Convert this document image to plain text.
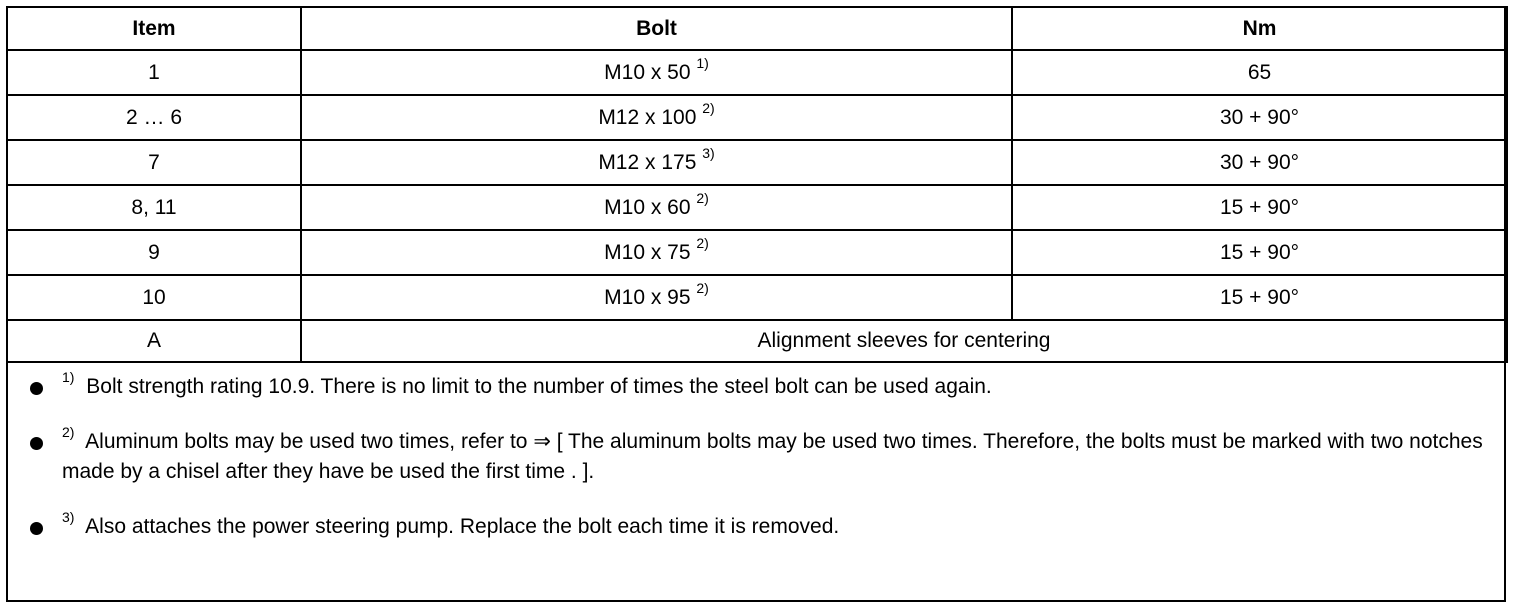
Item	Bolt	Nm
1	M10 x 50 $^{1)}$	65
2 … 6	M12 x 100 $^{2)}$	30 + 90°
7	M12 x 175 $^{3)}$	30 + 90°
8, 11	M10 x 60 $^{2)}$	15 + 90°
9	M10 x 75 $^{2)}$	15 + 90°
10	M10 x 95 $^{2)}$	15 + 90°
A	Alignment sleeves for centering	
$^{1)}$ Bolt strength rating 10.9. There is no limit to the number of times the steel bolt can be used again.
$^{2)}$ Aluminum bolts may be used two times, refer to ⇒ [ The aluminum bolts may be used two times. Therefore, the bolts must be marked with two notches made by a chisel after they have be used the first time . ].
$^{3)}$ Also attaches the power steering pump. Replace the bolt each time it is removed.
